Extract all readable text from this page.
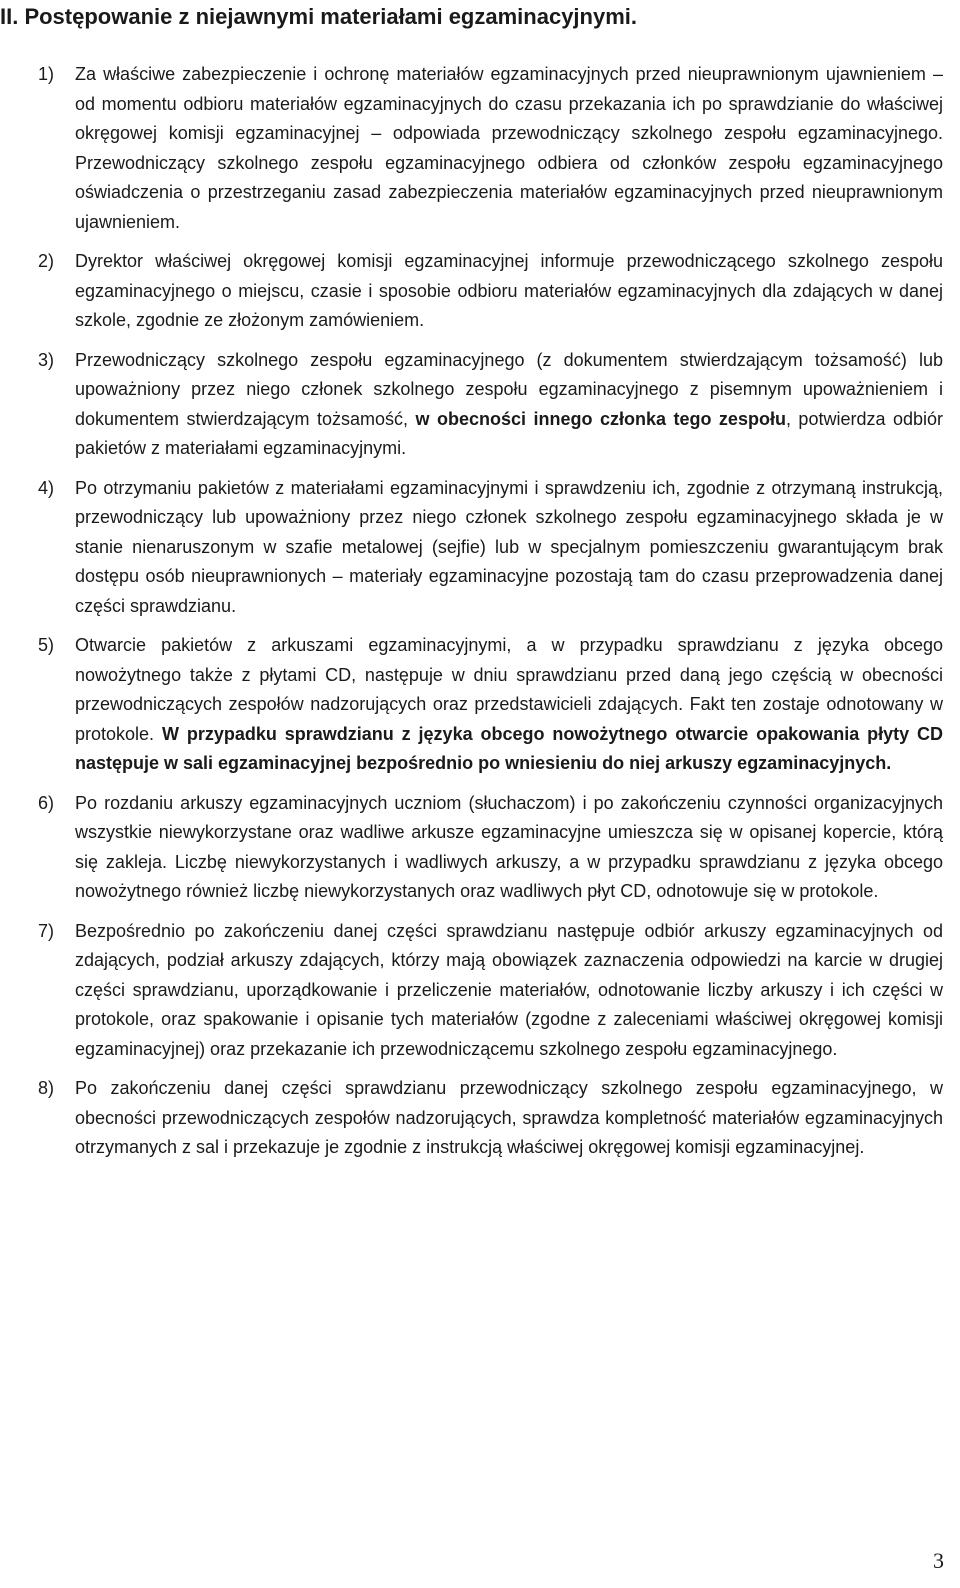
II. Postępowanie z niejawnymi materiałami egzaminacyjnymi.
1) Za właściwe zabezpieczenie i ochronę materiałów egzaminacyjnych przed nieuprawnionym ujawnieniem – od momentu odbioru materiałów egzaminacyjnych do czasu przekazania ich po sprawdzianie do właściwej okręgowej komisji egzaminacyjnej – odpowiada przewodniczący szkolnego zespołu egzaminacyjnego. Przewodniczący szkolnego zespołu egzaminacyjnego odbiera od członków zespołu egzaminacyjnego oświadczenia o przestrzeganiu zasad zabezpieczenia materiałów egzaminacyjnych przed nieuprawnionym ujawnieniem.

2) Dyrektor właściwej okręgowej komisji egzaminacyjnej informuje przewodniczącego szkolnego zespołu egzaminacyjnego o miejscu, czasie i sposobie odbioru materiałów egzaminacyjnych dla zdających w danej szkole, zgodnie ze złożonym zamówieniem.

3) Przewodniczący szkolnego zespołu egzaminacyjnego (z dokumentem stwierdzającym tożsamość) lub upoważniony przez niego członek szkolnego zespołu egzaminacyjnego z pisemnym upoważnieniem i dokumentem stwierdzającym tożsamość, w obecności innego członka tego zespołu, potwierdza odbiór pakietów z materiałami egzaminacyjnymi.

4) Po otrzymaniu pakietów z materiałami egzaminacyjnymi i sprawdzeniu ich, zgodnie z otrzymaną instrukcją, przewodniczący lub upoważniony przez niego członek szkolnego zespołu egzaminacyjnego składa je w stanie nienaruszonym w szafie metalowej (sejfie) lub w specjalnym pomieszczeniu gwarantującym brak dostępu osób nieuprawnionych – materiały egzaminacyjne pozostają tam do czasu przeprowadzenia danej części sprawdzianu.

5) Otwarcie pakietów z arkuszami egzaminacyjnymi, a w przypadku sprawdzianu z języka obcego nowożytnego także z płytami CD, następuje w dniu sprawdzianu przed daną jego częścią w obecności przewodniczących zespołów nadzorujących oraz przedstawicieli zdających. Fakt ten zostaje odnotowany w protokole. W przypadku sprawdzianu z języka obcego nowożytnego otwarcie opakowania płyty CD następuje w sali egzaminacyjnej bezpośrednio po wniesieniu do niej arkuszy egzaminacyjnych.

6) Po rozdaniu arkuszy egzaminacyjnych uczniom (słuchaczom) i po zakończeniu czynności organizacyjnych wszystkie niewykorzystane oraz wadliwe arkusze egzaminacyjne umieszcza się w opisanej kopercie, którą się zakleja. Liczbę niewykorzystanych i wadliwych arkuszy, a w przypadku sprawdzianu z języka obcego nowożytnego również liczbę niewykorzystanych oraz wadliwych płyt CD, odnotowuje się w protokole.

7) Bezpośrednio po zakończeniu danej części sprawdzianu następuje odbiór arkuszy egzaminacyjnych od zdających, podział arkuszy zdających, którzy mają obowiązek zaznaczenia odpowiedzi na karcie w drugiej części sprawdzianu, uporządkowanie i przeliczenie materiałów, odnotowanie liczby arkuszy i ich części w protokole, oraz spakowanie i opisanie tych materiałów (zgodne z zaleceniami właściwej okręgowej komisji egzaminacyjnej) oraz przekazanie ich przewodniczącemu szkolnego zespołu egzaminacyjnego.

8) Po zakończeniu danej części sprawdzianu przewodniczący szkolnego zespołu egzaminacyjnego, w obecności przewodniczących zespołów nadzorujących, sprawdza kompletność materiałów egzaminacyjnych otrzymanych z sal i przekazuje je zgodnie z instrukcją właściwej okręgowej komisji egzaminacyjnej.

3
